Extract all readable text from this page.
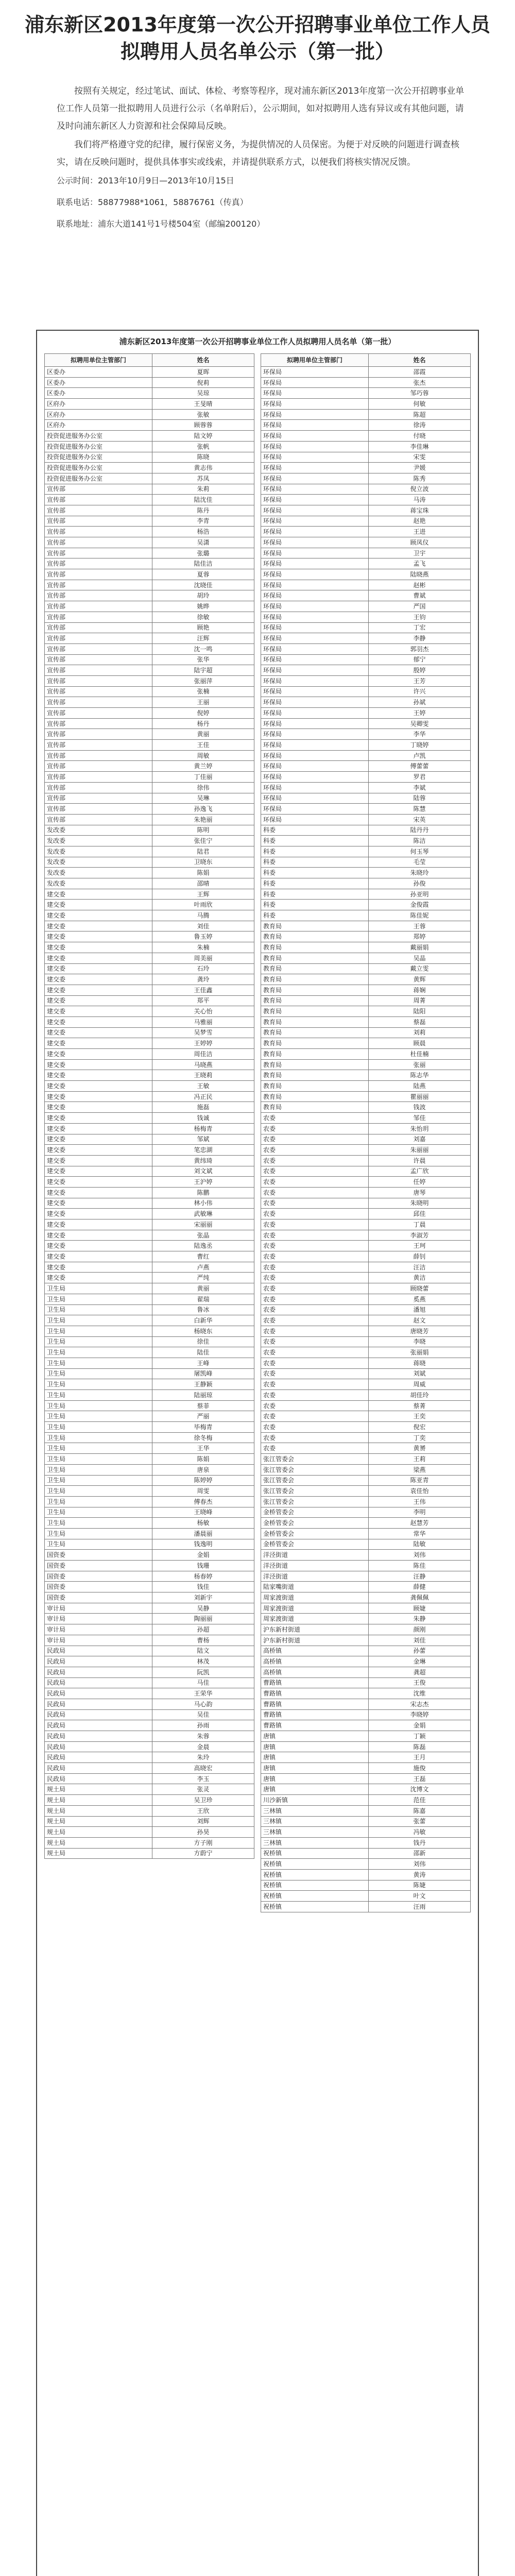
浦东新区2013年度第一次公开招聘事业单位工作人员
拟聘用人员名单公示（第一批）

按照有关规定，经过笔试、面试、体检、考察等程序，现对浦东新区2013年度第一次公开招聘事业单位工作人员第一批拟聘用人员进行公示（名单附后），公示期间，如对拟聘用人选有异议或有其他问题，请及时向浦东新区人力资源和社会保障局反映。

我们将严格遵守党的纪律，履行保密义务，为提供情况的人员保密。为便于对反映的问题进行调查核实，请在反映问题时，提供具体事实或线索，并请提供联系方式，以便我们将核实情况反馈。

公示时间：2013年10月9日—2013年10月15日

联系电话：58877988*1061，58876761（传真）

联系地址：浦东大道141号1号楼504室（邮编200120）

浦东新区2013年度第一次公开招聘事业单位工作人员拟聘用人员名单（第一批）
拟聘用单位主管部门	姓名
区委办	夏晖
区委办	倪莉
区委办	吴琼
区府办	王旻晴
区府办	张敏
区府办	顾蓉蓉
投资促进服务办公室	陆文婷
投资促进服务办公室	张帆
投资促进服务办公室	陈晓
投资促进服务办公室	黄志伟
投资促进服务办公室	苏凤
宣传部	朱莉
宣传部	陆沈佳
宣传部	陈丹
宣传部	李青
宣传部	杨浩
宣传部	吴潇
宣传部	张璐
宣传部	陆佳洁
宣传部	夏蓉
宣传部	沈晓佳
宣传部	胡玲
宣传部	姚晔
宣传部	徐敏
宣传部	顾艳
宣传部	汪辉
宣传部	沈一鸣
宣传部	张华
宣传部	陆宇超
宣传部	张丽萍
宣传部	张楠
宣传部	王丽
宣传部	倪婷
宣传部	杨丹
宣传部	黄丽
宣传部	王佳
宣传部	周敏
宣传部	黄兰婷
宣传部	丁佳丽
宣传部	徐伟
宣传部	吴琳
宣传部	孙逸飞
宣传部	朱艳丽
发改委	陈明
发改委	张佳宁
发改委	陆君
发改委	卫晓东
发改委	陈娟
发改委	邵晴
建交委	王辉
建交委	叶雨欣
建交委	马腾
建交委	刘佳
建交委	鲁玉婷
建交委	朱楠
建交委	周美丽
建交委	石玲
建交委	龚玲
建交委	王佳鑫
建交委	郑平
建交委	关心怡
建交委	马雅丽
建交委	吴梦雪
建交委	王婷婷
建交委	周佳洁
建交委	马晓燕
建交委	王晓莉
建交委	王敏
建交委	冯正民
建交委	施磊
建交委	钱诚
建交委	杨梅青
建交委	邹斌
建交委	笔忠湖
建交委	黄纬琦
建交委	刘文斌
建交委	王沪婷
建交委	陈鹏
建交委	林小伟
建交委	武敏琳
建交委	宋丽丽
建交委	张晶
建交委	陆逸丞
建交委	曹红
建交委	卢燕
建交委	严纯
卫生局	黄丽
卫生局	翟瑞
卫生局	鲁冰
卫生局	白新华
卫生局	杨晓东
卫生局	徐佳
卫生局	陆佳
卫生局	王峰
卫生局	屠凯峰
卫生局	王静颖
卫生局	陆丽琼
卫生局	蔡菲
卫生局	严丽
卫生局	毕梅青
卫生局	徐冬梅
卫生局	王华
卫生局	陈娟
卫生局	唐泉
卫生局	陈婷婷
卫生局	周雯
卫生局	傅春杰
卫生局	王晓峰
卫生局	杨敏
卫生局	潘晨丽
卫生局	钱逸明
国资委	金娟
国资委	钱珊
国资委	杨春婷
国资委	钱佳
国资委	刘新宇
审计局	吴静
审计局	陶丽丽
审计局	孙超
审计局	曹杨
民政局	陆文
民政局	林茂
民政局	阮凯
民政局	马佳
民政局	王荣华
民政局	马心韵
民政局	吴佳
民政局	孙雨
民政局	朱蓉
民政局	金晨
民政局	朱玲
民政局	高晓宏
民政局	李玉
规土局	张灵
规土局	吴卫珍
规土局	王欣
规土局	刘辉
规土局	孙昊
规土局	方子刚
规土局	方蔚宁
拟聘用单位主管部门	姓名
环保局	邵霞
环保局	张杰
环保局	邹巧蓉
环保局	何敏
环保局	陈超
环保局	徐涛
环保局	付晓
环保局	李佳琳
环保局	宋雯
环保局	尹媛
环保局	陈秀
环保局	倪立波
环保局	马涛
环保局	蒋宝珠
环保局	赵艳
环保局	王进
环保局	顾凤仪
环保局	卫宇
环保局	孟飞
环保局	陆晓燕
环保局	赵彬
环保局	曹斌
环保局	严国
环保局	王钧
环保局	丁宏
环保局	李静
环保局	郭羽杰
环保局	郁宁
环保局	殷婷
环保局	王芳
环保局	许兴
环保局	孙斌
环保局	王婷
环保局	吴卿雯
环保局	李华
环保局	丁晓婷
环保局	卢凯
环保局	傅蕾蕾
环保局	罗君
环保局	李斌
环保局	陆蓉
环保局	陈慧
环保局	宋英
科委	陆丹丹
科委	陈洁
科委	何玉琴
科委	毛莹
科委	朱晓玲
科委	孙俊
科委	孙亚明
科委	金俊霞
科委	陈佳妮
教育局	王蓉
教育局	郑婷
教育局	戴丽娟
教育局	吴晶
教育局	戴立雯
教育局	黄辉
教育局	蒋娴
教育局	周菁
教育局	陆阳
教育局	蔡磊
教育局	刘莉
教育局	顾晨
教育局	杜佳楠
教育局	张丽
教育局	陈志华
教育局	陆燕
教育局	瞿丽丽
教育局	钱波
农委	邹佳
农委	朱怡玥
农委	刘嘉
农委	朱丽丽
农委	许晨
农委	孟广欣
农委	任婷
农委	唐琴
农委	朱晓明
农委	邱佳
农委	丁晨
农委	李淑芳
农委	王珂
农委	薛钊
农委	汪洁
农委	黄洁
农委	顾晓蕾
农委	奚燕
农委	潘旭
农委	赵文
农委	唐晓芳
农委	李晓
农委	张丽娟
农委	蒋晓
农委	刘斌
农委	周威
农委	胡佳玲
农委	蔡菁
农委	王奕
农委	倪宏
农委	丁奕
农委	黄赟
张江管委会	王莉
张江管委会	梁燕
张江管委会	陈亚青
张江管委会	袁佳怡
张江管委会	王伟
金桥管委会	李明
金桥管委会	赵慧芳
金桥管委会	常华
金桥管委会	陆敏
洋泾街道	刘伟
洋泾街道	陈佳
洋泾街道	汪静
陆家嘴街道	薛健
周家渡街道	龚佩佩
周家渡街道	顾婕
周家渡街道	朱静
沪东新村街道	颜刚
沪东新村街道	刘佳
高桥镇	孙蕾
高桥镇	金琳
高桥镇	龚超
曹路镇	王俊
曹路镇	沈维
曹路镇	宋志杰
曹路镇	李晓婷
曹路镇	金娟
唐镇	丁颖
唐镇	陈磊
唐镇	王月
唐镇	施俊
唐镇	王磊
唐镇	沈博文
川沙新镇	范佳
三林镇	陈嘉
三林镇	张蕾
三林镇	冯敏
三林镇	钱丹
祝桥镇	邵新
祝桥镇	刘伟
祝桥镇	黄涛
祝桥镇	陈婕
祝桥镇	叶文
祝桥镇	汪雨
